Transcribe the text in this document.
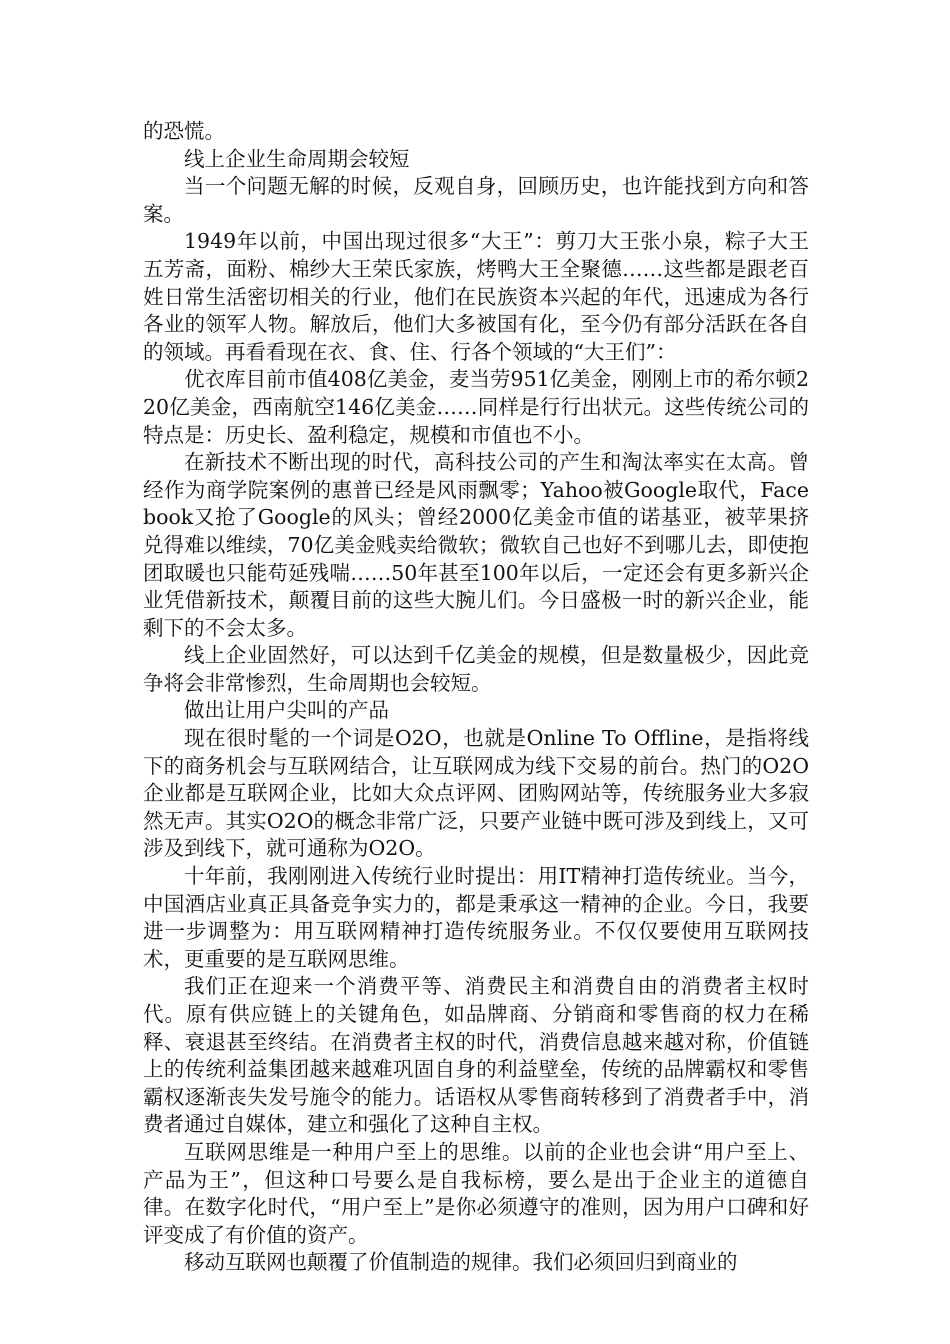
的恐慌。

线上企业生命周期会较短

当一个问题无解的时候，反观自身，回顾历史，也许能找到方向和答案。

1949年以前，中国出现过很多“大王”：剪刀大王张小泉，粽子大王五芳斋，面粉、棉纱大王荣氏家族，烤鸭大王全聚德……这些都是跟老百姓日常生活密切相关的行业，他们在民族资本兴起的年代，迅速成为各行各业的领军人物。解放后，他们大多被国有化，至今仍有部分活跃在各自的领域。再看看现在衣、食、住、行各个领域的“大王们”：

优衣库目前市值408亿美金，麦当劳951亿美金，刚刚上市的希尔顿220亿美金，西南航空146亿美金……同样是行行出状元。这些传统公司的特点是：历史长、盈利稳定，规模和市值也不小。

在新技术不断出现的时代，高科技公司的产生和淘汰率实在太高。曾经作为商学院案例的惠普已经是风雨飘零；Yahoo被Google取代，Facebook又抢了Google的风头；曾经2000亿美金市值的诺基亚，被苹果挤兑得难以维续，70亿美金贱卖给微软；微软自己也好不到哪儿去，即使抱团取暖也只能苟延残喘……50年甚至100年以后，一定还会有更多新兴企业凭借新技术，颠覆目前的这些大腕儿们。今日盛极一时的新兴企业，能剩下的不会太多。

线上企业固然好，可以达到千亿美金的规模，但是数量极少，因此竞争将会非常惨烈，生命周期也会较短。

做出让用户尖叫的产品

现在很时髦的一个词是O2O，也就是Online To Offline，是指将线下的商务机会与互联网结合，让互联网成为线下交易的前台。热门的O2O企业都是互联网企业，比如大众点评网、团购网站等，传统服务业大多寂然无声。其实O2O的概念非常广泛，只要产业链中既可涉及到线上，又可涉及到线下，就可通称为O2O。

十年前，我刚刚进入传统行业时提出：用IT精神打造传统业。当今，中国酒店业真正具备竞争实力的，都是秉承这一精神的企业。今日，我要进一步调整为：用互联网精神打造传统服务业。不仅仅要使用互联网技术，更重要的是互联网思维。

我们正在迎来一个消费平等、消费民主和消费自由的消费者主权时代。原有供应链上的关键角色，如品牌商、分销商和零售商的权力在稀释、衰退甚至终结。在消费者主权的时代，消费信息越来越对称，价值链上的传统利益集团越来越难巩固自身的利益壁垒，传统的品牌霸权和零售霸权逐渐丧失发号施令的能力。话语权从零售商转移到了消费者手中，消费者通过自媒体，建立和强化了这种自主权。

互联网思维是一种用户至上的思维。以前的企业也会讲“用户至上、产品为王”，但这种口号要么是自我标榜，要么是出于企业主的道德自律。在数字化时代，“用户至上”是你必须遵守的准则，因为用户口碑和好评变成了有价值的资产。

移动互联网也颠覆了价值制造的规律。我们必须回归到商业的
